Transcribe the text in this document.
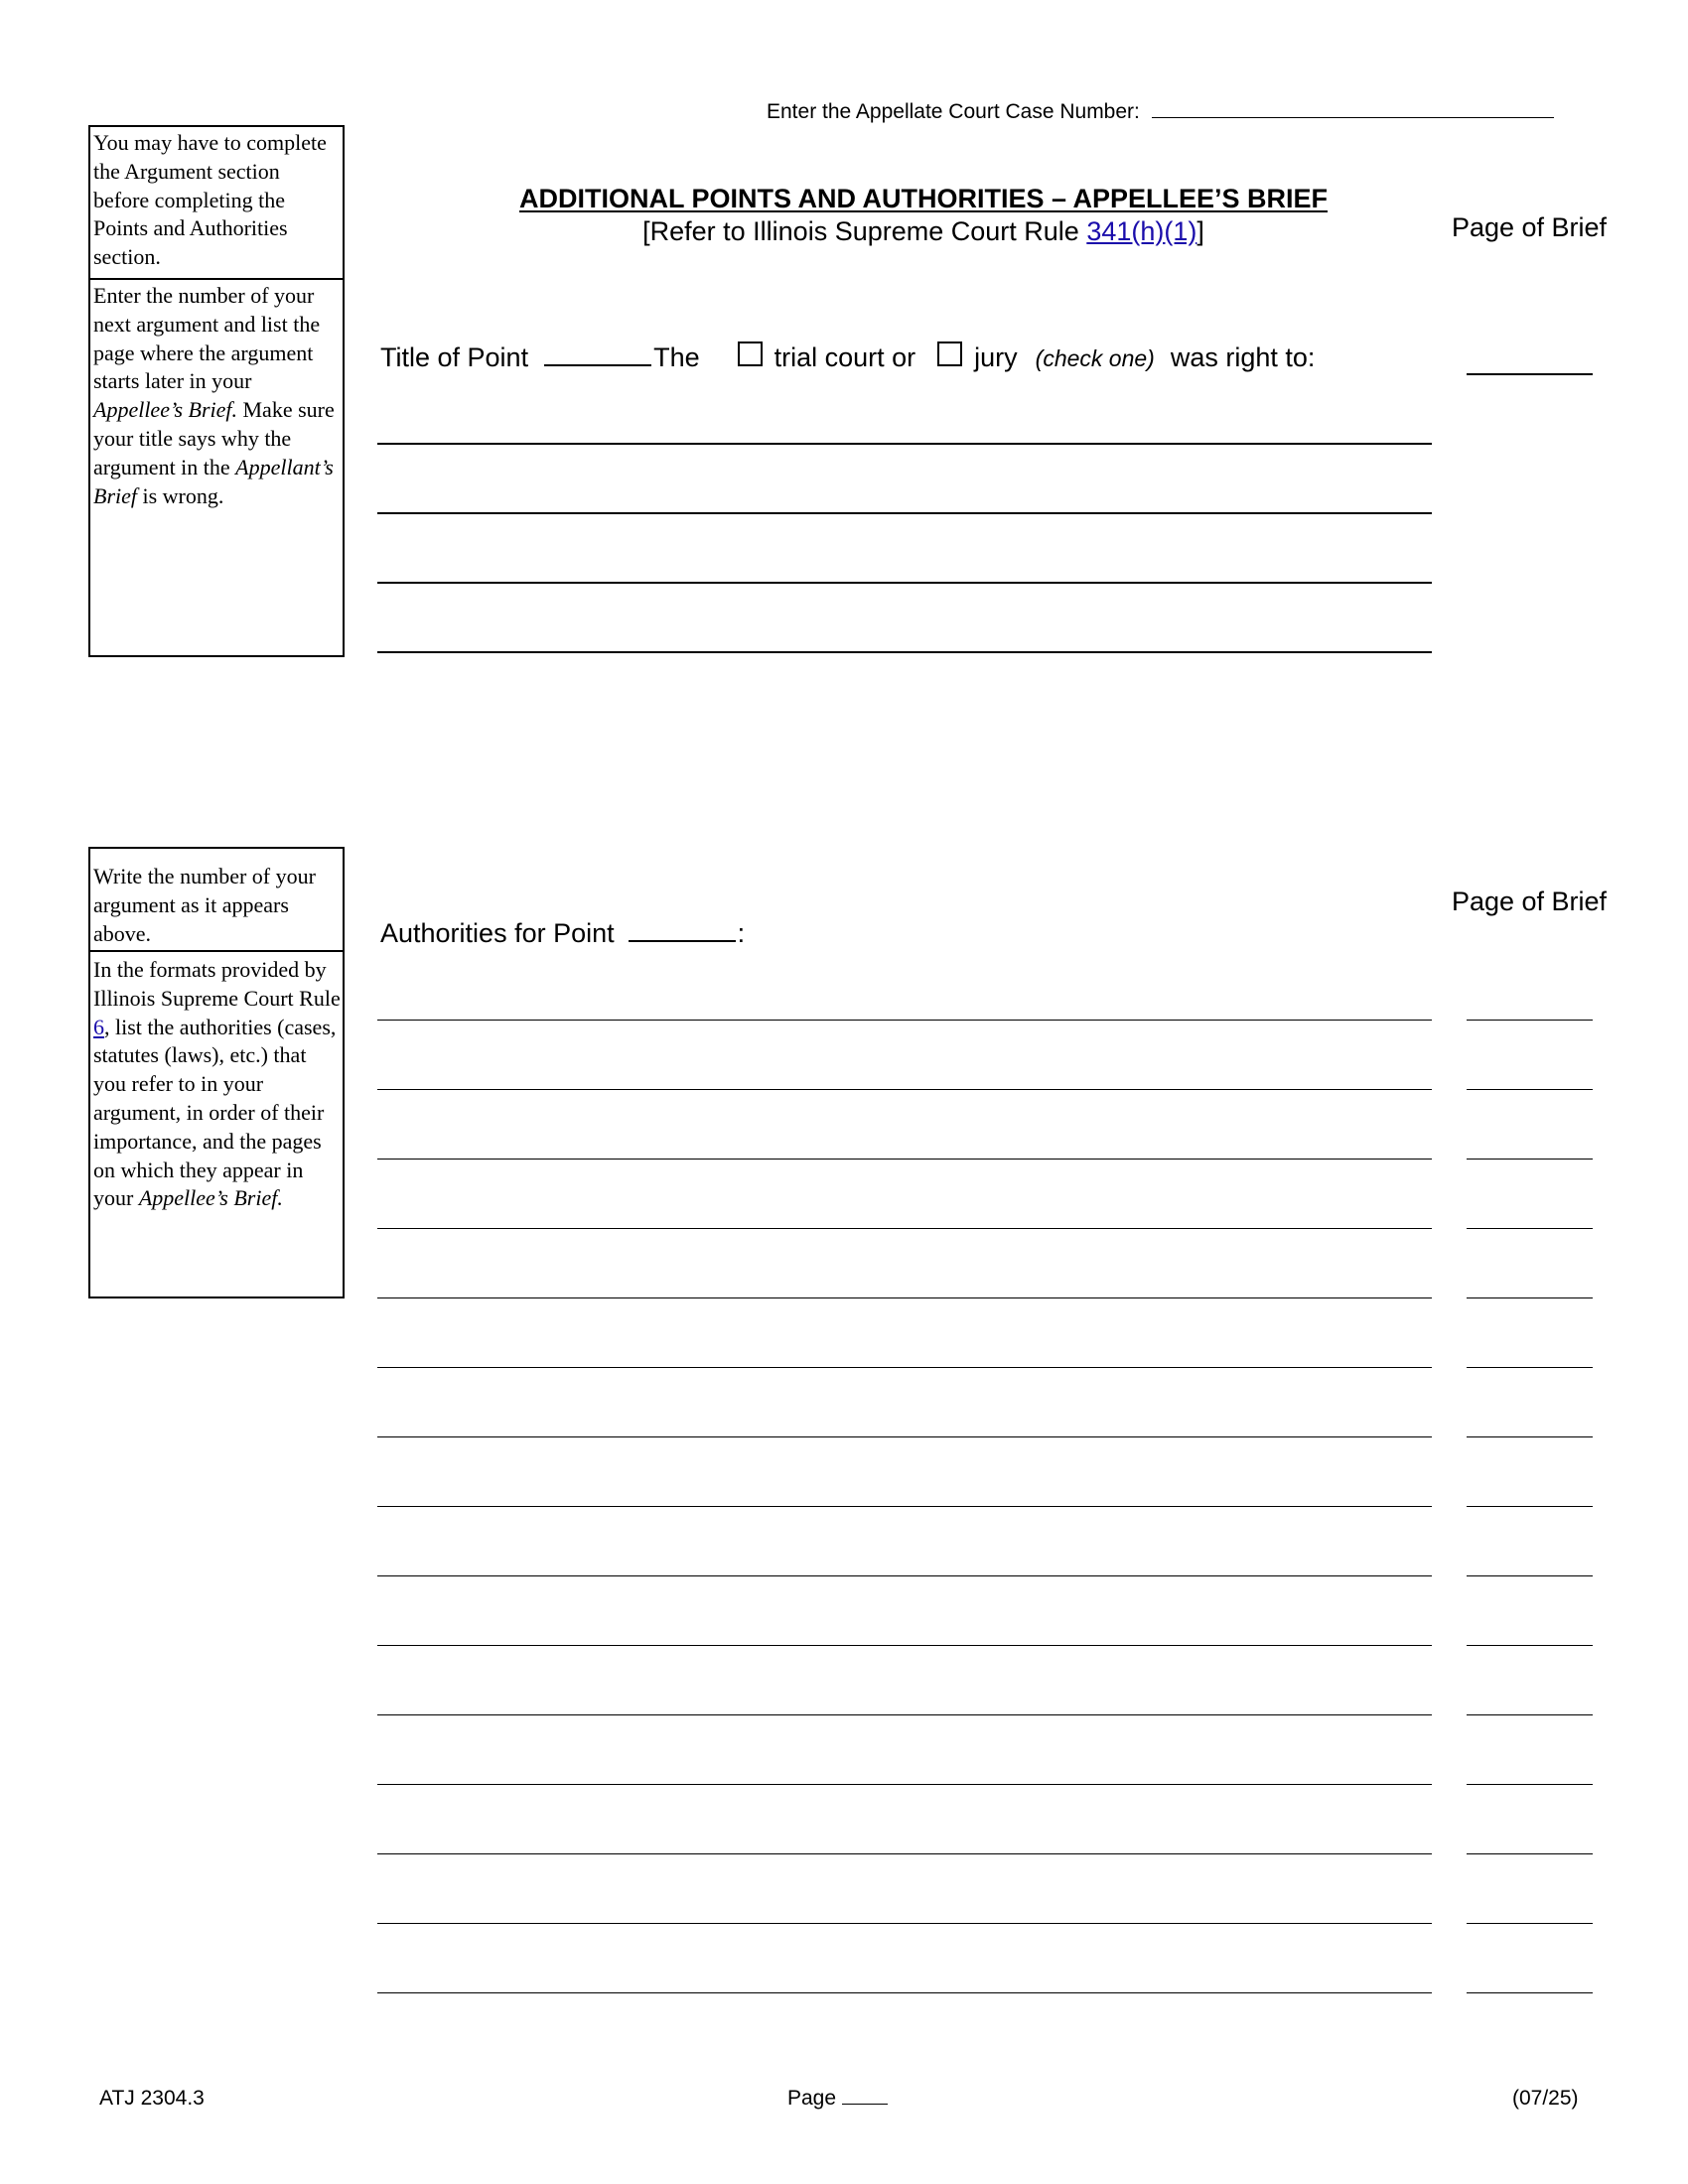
Enter the Appellate Court Case Number:
You may have to complete the Argument section before completing the Points and Authorities section.
Enter the number of your next argument and list the page where the argument starts later in your Appellee’s Brief. Make sure your title says why the argument in the Appellant’s Brief is wrong.
ADDITIONAL POINTS AND AUTHORITIES – APPELLEE’S BRIEF
[Refer to Illinois Supreme Court Rule 341(h)(1)]	Page of Brief
Title of Point	The	trial court or jury (check one) was right to:
Write the number of your argument as it appears above.
In the formats provided by Illinois Supreme Court Rule 6, list the authorities (cases, statutes (laws), etc.) that you refer to in your argument, in order of their importance, and the pages on which they appear in your Appellee’s Brief.
Page of Brief
Authorities for Point	:
ATJ 2304.3	Page	(07/25)
